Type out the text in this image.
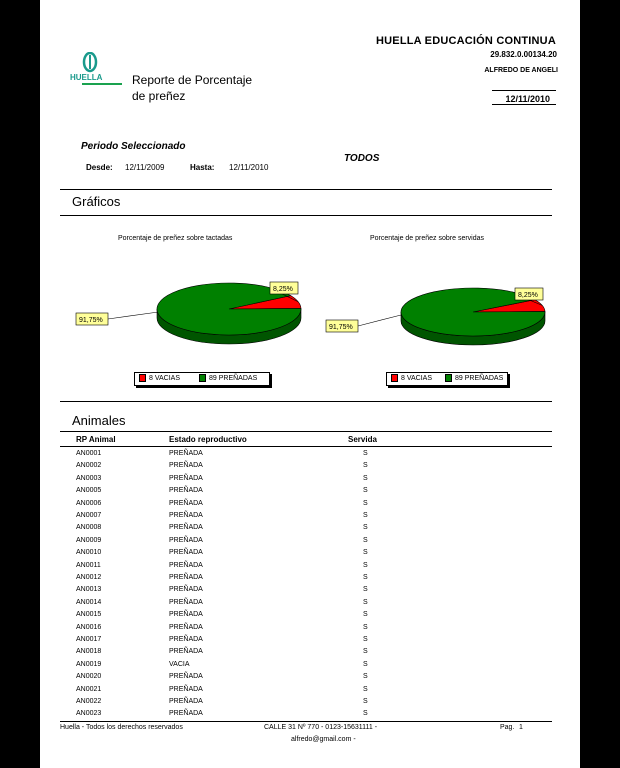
HUELLA
HUELLA EDUCACIÓN CONTINUA
29.832.0.00134.20
ALFREDO DE ANGELI
Reporte de Porcentaje
de preñez	12/11/2010
Periodo Seleccionado
Desde: 12/11/2009	Hasta: 12/11/2010
TODOS
Gráficos
Porcentaje de preñez sobre tactadas	Porcentaje de preñez sobre servidas
8,25%
91,75%
8,25%
91,75%
8 VACIAS	89 PREÑADAS	8 VACIAS	89 PREÑADAS
Animales
RP Animal	Estado reproductivo	Servida
AN0001	PREÑADA	S
AN0002	PREÑADA	S
AN0003	PREÑADA	S
AN0005	PREÑADA	S
AN0006	PREÑADA	S
AN0007	PREÑADA	S
AN0008	PREÑADA	S
AN0009	PREÑADA	S
AN0010	PREÑADA	S
AN0011	PREÑADA	S
AN0012	PREÑADA	S
AN0013	PREÑADA	S
AN0014	PREÑADA	S
AN0015	PREÑADA	S
AN0016	PREÑADA	S
AN0017	PREÑADA	S
AN0018	PREÑADA	S
AN0019	VACIA	S
AN0020	PREÑADA	S
AN0021	PREÑADA	S
AN0022	PREÑADA	S
AN0023	PREÑADA	S
Huella - Todos los derechos reservados	CALLE 31 Nº 770 - 0123-15631111 -
alfredo@gmail.com -
Pag. 1
